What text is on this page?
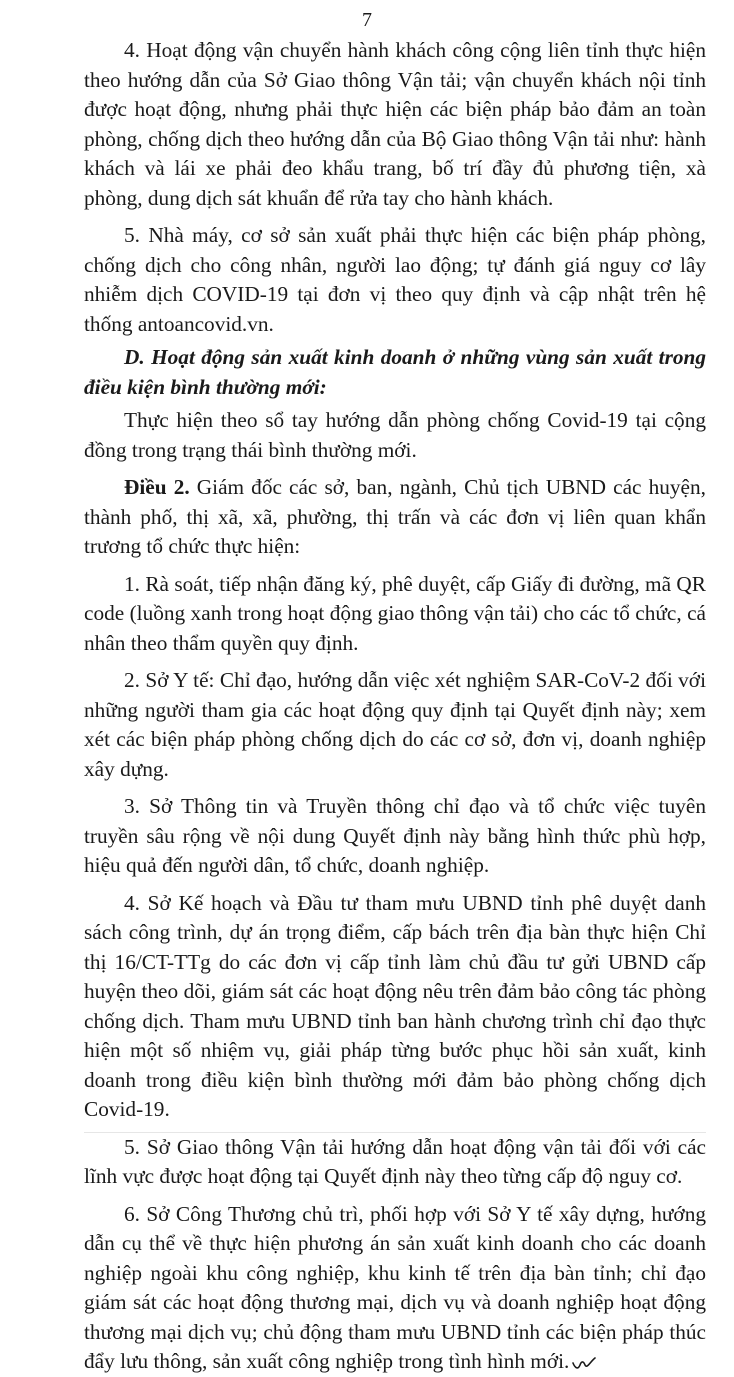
7

4. Hoạt động vận chuyển hành khách công cộng liên tỉnh thực hiện theo hướng dẫn của Sở Giao thông Vận tải; vận chuyển khách nội tỉnh được hoạt động, nhưng phải thực hiện các biện pháp bảo đảm an toàn phòng, chống dịch theo hướng dẫn của Bộ Giao thông Vận tải như: hành khách và lái xe phải đeo khẩu trang, bố trí đầy đủ phương tiện, xà phòng, dung dịch sát khuẩn để rửa tay cho hành khách.

5. Nhà máy, cơ sở sản xuất phải thực hiện các biện pháp phòng, chống dịch cho công nhân, người lao động; tự đánh giá nguy cơ lây nhiễm dịch COVID-19 tại đơn vị theo quy định và cập nhật trên hệ thống antoancovid.vn.

D. Hoạt động sản xuất kinh doanh ở những vùng sản xuất trong điều kiện bình thường mới:

Thực hiện theo sổ tay hướng dẫn phòng chống Covid-19 tại cộng đồng trong trạng thái bình thường mới.

Điều 2. Giám đốc các sở, ban, ngành, Chủ tịch UBND các huyện, thành phố, thị xã, xã, phường, thị trấn và các đơn vị liên quan khẩn trương tổ chức thực hiện:

1. Rà soát, tiếp nhận đăng ký, phê duyệt, cấp Giấy đi đường, mã QR code (luồng xanh trong hoạt động giao thông vận tải) cho các tổ chức, cá nhân theo thẩm quyền quy định.

2. Sở Y tế: Chỉ đạo, hướng dẫn việc xét nghiệm SAR-CoV-2 đối với những người tham gia các hoạt động quy định tại Quyết định này; xem xét các biện pháp phòng chống dịch do các cơ sở, đơn vị, doanh nghiệp xây dựng.

3. Sở Thông tin và Truyền thông chỉ đạo và tổ chức việc tuyên truyền sâu rộng về nội dung Quyết định này bằng hình thức phù hợp, hiệu quả đến người dân, tổ chức, doanh nghiệp.

4. Sở Kế hoạch và Đầu tư tham mưu UBND tỉnh phê duyệt danh sách công trình, dự án trọng điểm, cấp bách trên địa bàn thực hiện Chỉ thị 16/CT-TTg do các đơn vị cấp tỉnh làm chủ đầu tư gửi UBND cấp huyện theo dõi, giám sát các hoạt động nêu trên đảm bảo công tác phòng chống dịch. Tham mưu UBND tỉnh ban hành chương trình chỉ đạo thực hiện một số nhiệm vụ, giải pháp từng bước phục hồi sản xuất, kinh doanh trong điều kiện bình thường mới đảm bảo phòng chống dịch Covid-19.

5. Sở Giao thông Vận tải hướng dẫn hoạt động vận tải đối với các lĩnh vực được hoạt động tại Quyết định này theo từng cấp độ nguy cơ.

6. Sở Công Thương chủ trì, phối hợp với Sở Y tế xây dựng, hướng dẫn cụ thể về thực hiện phương án sản xuất kinh doanh cho các doanh nghiệp ngoài khu công nghiệp, khu kinh tế trên địa bàn tỉnh; chỉ đạo giám sát các hoạt động thương mại, dịch vụ và doanh nghiệp hoạt động thương mại dịch vụ; chủ động tham mưu UBND tỉnh các biện pháp thúc đẩy lưu thông, sản xuất công nghiệp trong tình hình mới.
